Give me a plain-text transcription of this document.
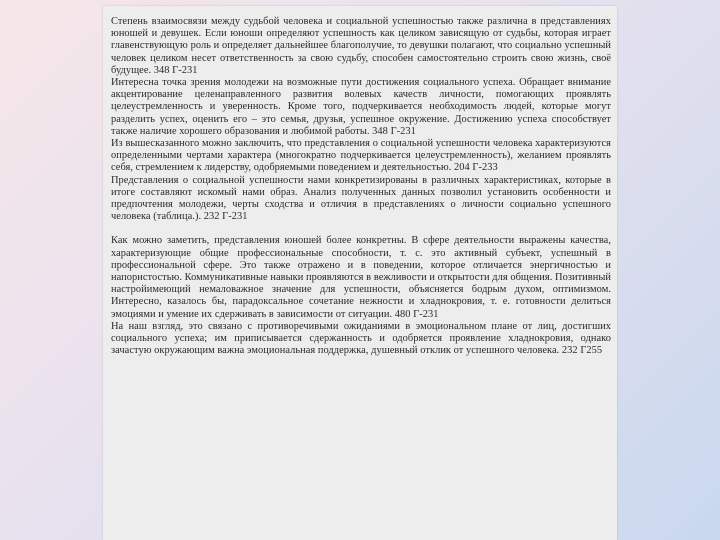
Степень взаимосвязи между судьбой человека и социальной успешностью также различна в представлениях юношей и девушек. Если юноши определяют успешность как целиком зависящую от судьбы, которая играет главенствующую роль и определяет дальнейшее благополучие, то девушки полагают, что социально успешный человек целиком несет ответственность за свою судьбу, способен самостоятельно строить свою жизнь, своё будущее. 348 Г-231

Интересна точка зрения молодежи на возможные пути достижения социального успеха. Обращает внимание акцентирование целенаправленного развития волевых качеств личности, помогающих проявлять целеустремленность и уверенность. Кроме того, подчеркивается необходимость людей, которые могут разделить успех, оценить его – это семья, друзья, успешное окружение. Достижению успеха способствует также наличие хорошего образования и любимой работы. 348 Г-231

Из вышесказанного можно заключить, что представления о социальной успешности человека характеризуются определенными чертами характера (многократно подчеркивается целеустремленность), желанием проявлять себя, стремлением к лидерству, одобряемыми поведением и деятельностью. 204 Г-233

Представления о социальной успешности нами конкретизированы в различных характеристиках, которые в итоге составляют искомый нами образ. Анализ полученных данных позволил установить особенности и предпочтения молодежи, черты сходства и отличия в представлениях о личности социально успешного человека (таблица.). 232 Г-231

Как можно заметить, представления юношей более конкретны. В сфере деятельности выражены качества, характеризующие общие профессиональные способности, т. с. это активный субъект, успешный в профессиональной сфере. Это также отражено и в поведении, которое отличается энергичностью и напористостью. Коммуникативные навыки проявляются в вежливости и открытости для общения. Позитивный настройимеющий немаловажное значение для успешности, объясняется бодрым духом, оптимизмом. Интересно, казалось бы, парадоксальное сочетание нежности и хладнокровия, т. е. готовности делиться эмоциями и умение их сдерживать в зависимости от ситуации. 480 Г-231

На наш взгляд, это связано с противоречивыми ожиданиями в эмоциональном плане от лиц, достигших социального успеха; им приписывается сдержанность и одобряется проявление хладнокровия, однако зачастую окружающим важна эмоциональная поддержка, душевный отклик от успешного человека. 232 Г255
